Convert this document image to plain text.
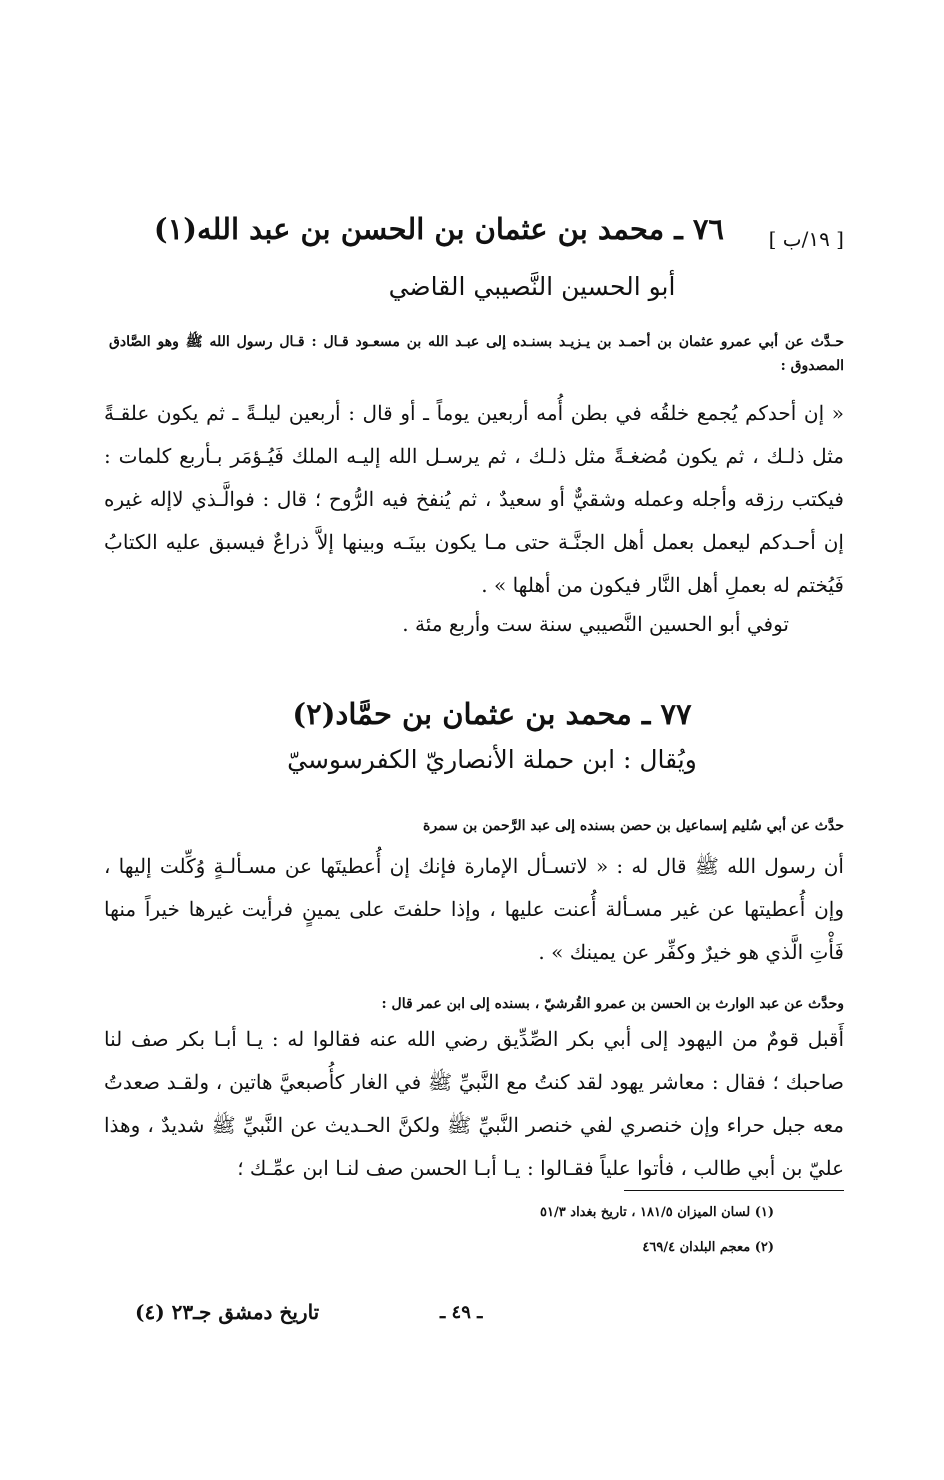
[ ١٩/ب ]
٧٦ ـ محمد بن عثمان بن الحسن بن عبد الله(١)
أبو الحسين النَّصيبي القاضي
حـدَّث عن أبي عمرو عثمان بن أحمـد بن يـزيـد بسنـده إلى عبـد الله بن مسعـود قـال : قـال رسول الله ﷺ وهو الصَّادق المصدوق :
« إن أحدكم يُجمع خلقُه في بطن أُمه أربعين يوماً ـ أو قال : أربعين ليلـةً ـ ثم يكون علقـةً مثل ذلـك ، ثم يكون مُضغـةً مثل ذلـك ، ثم يرسـل الله إليـه الملك فَيُـؤمَر بـأربع كلمات : فيكتب رزقه وأجله وعمله وشقيٌّ أو سعيدٌ ، ثم يُنفخ فيه الرُّوح ؛ قال : فوالَّـذي لاإله غيره إن أحـدكم ليعمل بعمل أهل الجنَّـة حتى مـا يكون بينَـه وبينها إلاَّ ذراعٌ فيسبق عليه الكتابُ فَيُختم له بعملِ أهل النَّار فيكون من أهلها » .
توفي أبو الحسين النَّصيبي سنة ست وأربع مئة .
٧٧ ـ محمد بن عثمان بن حمَّاد(٢)
ويُقال : ابن حملة الأنصاريّ الكفرسوسيّ
حدَّث عن أبي سُليم إسماعيل بن حصن بسنده إلى عبد الرَّحمن بن سمرة
أن رسول الله ﷺ قال له : « لاتسـأل الإمارة فإنك إن أُعطيتَها عن مسـألـةٍ وُكِّلت إليها ، وإن أُعطيتها عن غير مسـألة أُعنت عليها ، وإذا حلفتَ على يمينٍ فرأيت غيرها خيراً منها فَأْتِ الَّذي هو خيرٌ وكفِّر عن يمينك » .
وحدَّث عن عبد الوارث بن الحسن بن عمرو القُرشيّ ، بسنده إلى ابن عمر قال :
أَقبل قومٌ من اليهود إلى أبي بكر الصِّدِّيق رضي الله عنه فقالوا له : يـا أبـا بكر صف لنا صاحبك ؛ فقال : معاشر يهود لقد كنتُ مع النَّبيِّ ﷺ في الغار كأُصبعيَّ هاتين ، ولقـد صعدتُ معه جبل حراء وإن خنصري لفي خنصر النَّبيِّ ﷺ ولكنَّ الحـديث عن النَّبيِّ ﷺ شديدٌ ، وهذا عليّ بن أبي طالب ، فأتوا علياً فقـالوا : يـا أبـا الحسن صف لنـا ابن عمِّـك ؛
(١) لسان الميزان ١٨١/٥ ، تاريخ بغداد ٥١/٣
(٢) معجم البلدان ٤٦٩/٤
ـ ٤٩ ـ
تاريخ دمشق جـ٢٣ (٤)
